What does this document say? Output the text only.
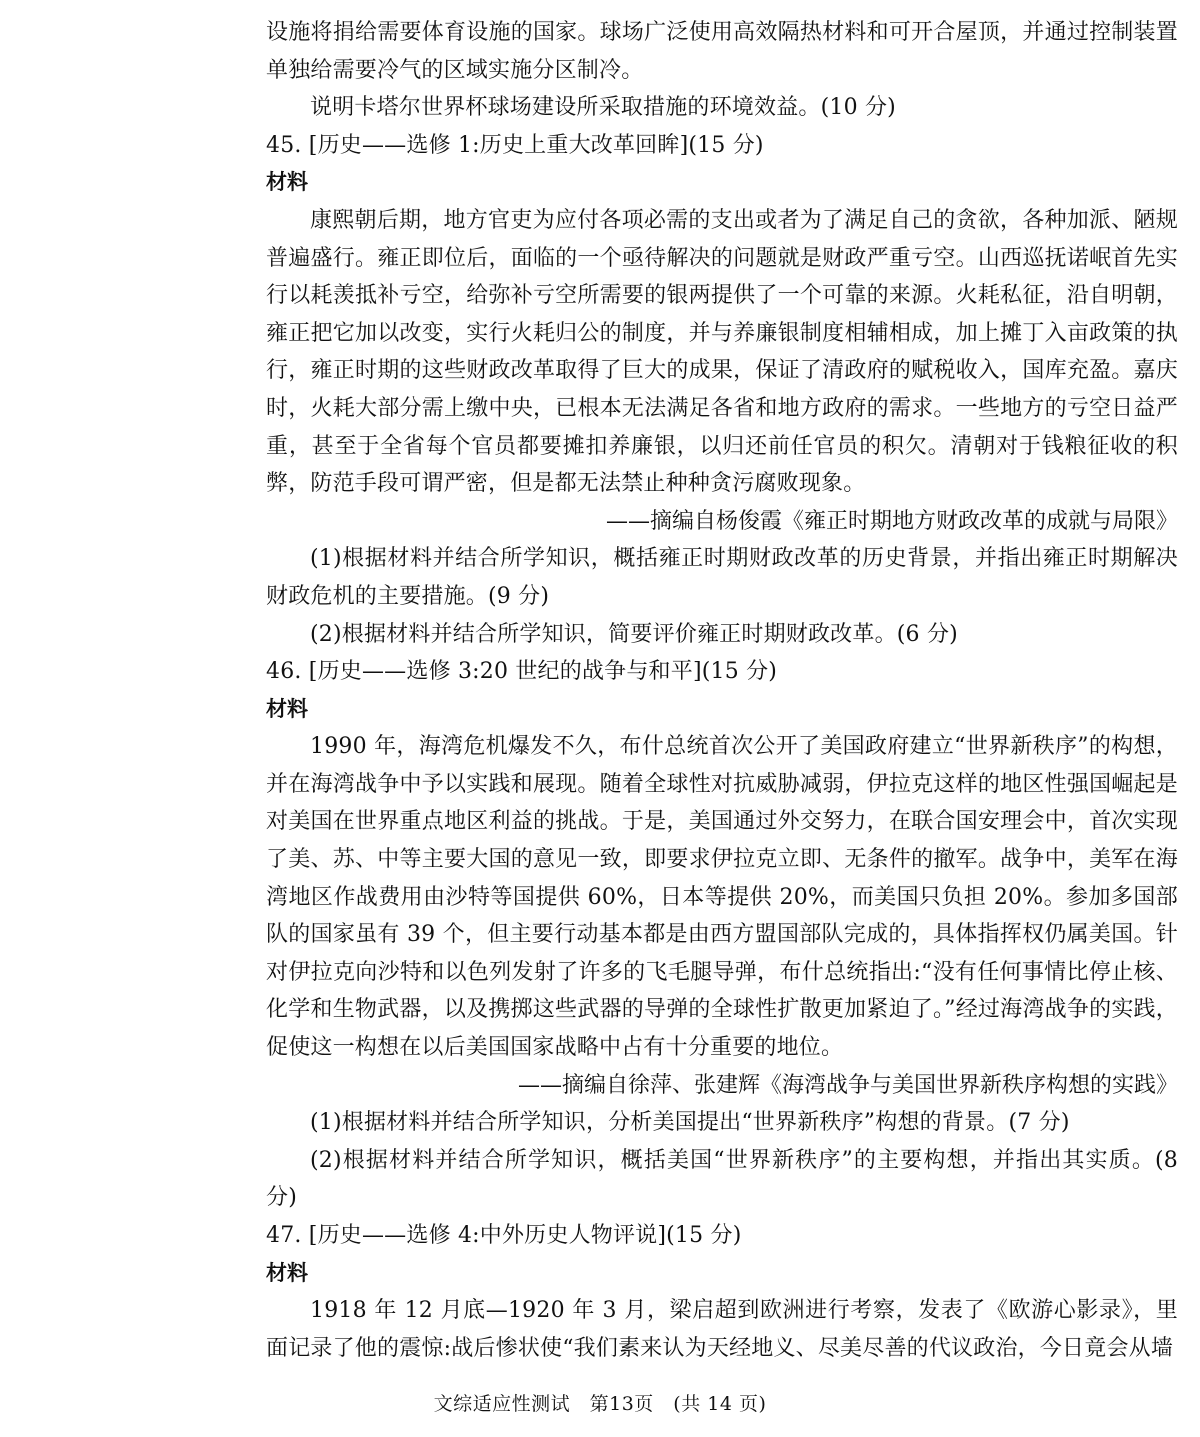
设施将捐给需要体育设施的国家。球场广泛使用高效隔热材料和可开合屋顶，并通过控制装置单独给需要冷气的区域实施分区制冷。
说明卡塔尔世界杯球场建设所采取措施的环境效益。(10 分)
45. [历史——选修 1:历史上重大改革回眸](15 分)
材料
康熙朝后期，地方官吏为应付各项必需的支出或者为了满足自己的贪欲，各种加派、陋规普遍盛行。雍正即位后，面临的一个亟待解决的问题就是财政严重亏空。山西巡抚诺岷首先实行以耗羡抵补亏空，给弥补亏空所需要的银两提供了一个可靠的来源。火耗私征，沿自明朝，雍正把它加以改变，实行火耗归公的制度，并与养廉银制度相辅相成，加上摊丁入亩政策的执行，雍正时期的这些财政改革取得了巨大的成果，保证了清政府的赋税收入，国库充盈。嘉庆时，火耗大部分需上缴中央，已根本无法满足各省和地方政府的需求。一些地方的亏空日益严重，甚至于全省每个官员都要摊扣养廉银，以归还前任官员的积欠。清朝对于钱粮征收的积弊，防范手段可谓严密，但是都无法禁止种种贪污腐败现象。
——摘编自杨俊霞《雍正时期地方财政改革的成就与局限》
(1)根据材料并结合所学知识，概括雍正时期财政改革的历史背景，并指出雍正时期解决财政危机的主要措施。(9 分)
(2)根据材料并结合所学知识，简要评价雍正时期财政改革。(6 分)
46. [历史——选修 3:20 世纪的战争与和平](15 分)
材料
1990 年，海湾危机爆发不久，布什总统首次公开了美国政府建立“世界新秩序”的构想，并在海湾战争中予以实践和展现。随着全球性对抗威胁减弱，伊拉克这样的地区性强国崛起是对美国在世界重点地区利益的挑战。于是，美国通过外交努力，在联合国安理会中，首次实现了美、苏、中等主要大国的意见一致，即要求伊拉克立即、无条件的撤军。战争中，美军在海湾地区作战费用由沙特等国提供 60%，日本等提供 20%，而美国只负担 20%。参加多国部队的国家虽有 39 个，但主要行动基本都是由西方盟国部队完成的，具体指挥权仍属美国。针对伊拉克向沙特和以色列发射了许多的飞毛腿导弹，布什总统指出:“没有任何事情比停止核、化学和生物武器，以及携掷这些武器的导弹的全球性扩散更加紧迫了。”经过海湾战争的实践，促使这一构想在以后美国国家战略中占有十分重要的地位。
——摘编自徐萍、张建辉《海湾战争与美国世界新秩序构想的实践》
(1)根据材料并结合所学知识，分析美国提出“世界新秩序”构想的背景。(7 分)
(2)根据材料并结合所学知识，概括美国“世界新秩序”的主要构想，并指出其实质。(8 分)
47. [历史——选修 4:中外历史人物评说](15 分)
材料
1918 年 12 月底—1920 年 3 月，梁启超到欧洲进行考察，发表了《欧游心影录》，里面记录了他的震惊:战后惨状使“我们素来认为天经地义、尽美尽善的代议政治，今日竟会从墙
文综适应性测试　第13页　(共 14 页)
